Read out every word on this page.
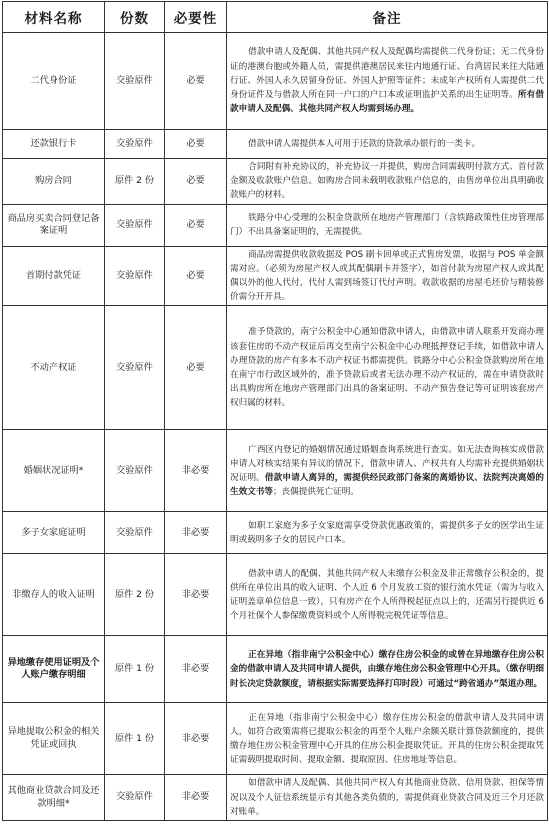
材料名称	份数	必要性	备注
二代身份证	交验原件	必要	借款申请人及配偶、其他共同产权人及配偶均需提供二代身份证；无二代身份证的港澳台胞或外籍人员，需提供港澳居民来往内地通行证、台湾居民来往大陆通行证、外国人永久居留身份证、外国人护照等证件；未成年产权所有人需提供二代身份证件及与借款人所在同一户口的户口本或证明监护关系的出生证明等。所有借款申请人及配偶、其他共同产权人均需到场办理。
还款银行卡	交验原件	必要	借款申请人需提供本人可用于还款的贷款承办银行的一类卡。
购房合同	原件 2 份	必要	合同附有补充协议的，补充协议一并提供，购房合同需载明付款方式、首付款金额及收款账户信息。如购房合同未载明收款账户信息的，由售房单位出具明确收款账户的材料。
商品房买卖合同登记备案证明	交验原件	必要	铁路分中心受理的公积金贷款所在地房产管理部门（含铁路政策性住房管理部门）不出具备案证明的，无需提供。
首期付款凭证	交验原件	必要	商品房需提供收款收据及 POS 刷卡回单或正式售房发票，收据与 POS 单金额需对应。（必须为房屋产权人或其配偶刷卡并签字），如首付款为房屋产权人或其配偶以外的他人代付，代付人需到场签订代付声明。收款收据的房屋毛坯价与精装修价需分开开具。
不动产权证	交验原件	必要	准予贷款的，南宁公积金中心通知借款申请人，由借款申请人联系开发商办理该套住房的不动产权证后再交至南宁公积金中心办理抵押登记手续，如借款申请人办理贷款的房产有多本不动产权证书都需提供。铁路分中心公积金贷款购房所在地在南宁市行政区域外的，准予贷款后或者无法办理不动产权证的，需在申请贷款时出具购房所在地房产管理部门出具的备案证明、不动产预告登记等可证明该套房产权归属的材料。
婚姻状况证明*	交验原件	非必要	广西区内登记的婚姻情况通过婚姻查询系统进行查实。如无法查询核实或借款申请人对核实结果有异议的情况下，借款申请人、产权共有人均需补充提供婚姻状况证明。借款申请人离异的，需提供经民政部门备案的离婚协议、法院判决离婚的生效文书等；丧偶提供死亡证明。
多子女家庭证明	交验原件	非必要	如职工家庭为多子女家庭需享受贷款优惠政策的，需提供多子女的医学出生证明或载明多子女的居民户口本。
非缴存人的收入证明	原件 2 份	非必要	借款申请人的配偶、其他共同产权人未缴存公积金及非正常缴存公积金的，提供所在单位出具的收入证明、个人近 6 个月发放工资的银行流水凭证（需为与收入证明盖章单位信息一致），只有房产在个人所得税起征点以上的，还需另行提供近 6 个月社保个人参保缴费资料或个人所得税完税凭证等信息。
异地缴存使用证明及个人账户缴存明细	原件 1 份	非必要	正在异地（指非南宁公积金中心）缴存住房公积金的或曾在异地缴存住房公积金的借款申请人及共同申请人提供，由缴存地住房公积金管理中心开具。（缴存明细时长决定贷款额度，请根据实际需要选择打印时段）可通过“跨省通办”渠道办理。
异地提取公积金的相关凭证或回执	原件 1 份	非必要	正在异地（指非南宁公积金中心）缴存住房公积金的借款申请人及共同申请人，如符合政策需将已提取公积金的再至个人账户余额关联计算贷款额度的，提供缴存地住房公积金管理中心开具的住房公积金提取凭证。开具的住房公积金提取凭证需载明提取时间、提取金额、提取原因、住房地址等信息。
其他商业贷款合同及还款明细*	交验原件	非必要	如借款申请人及配偶、其他共同产权人有其他商业贷款、信用贷款、担保等情况以及个人征信系统显示有其他各类负债的，需提供商业贷款合同及近三个月还款对账单。
